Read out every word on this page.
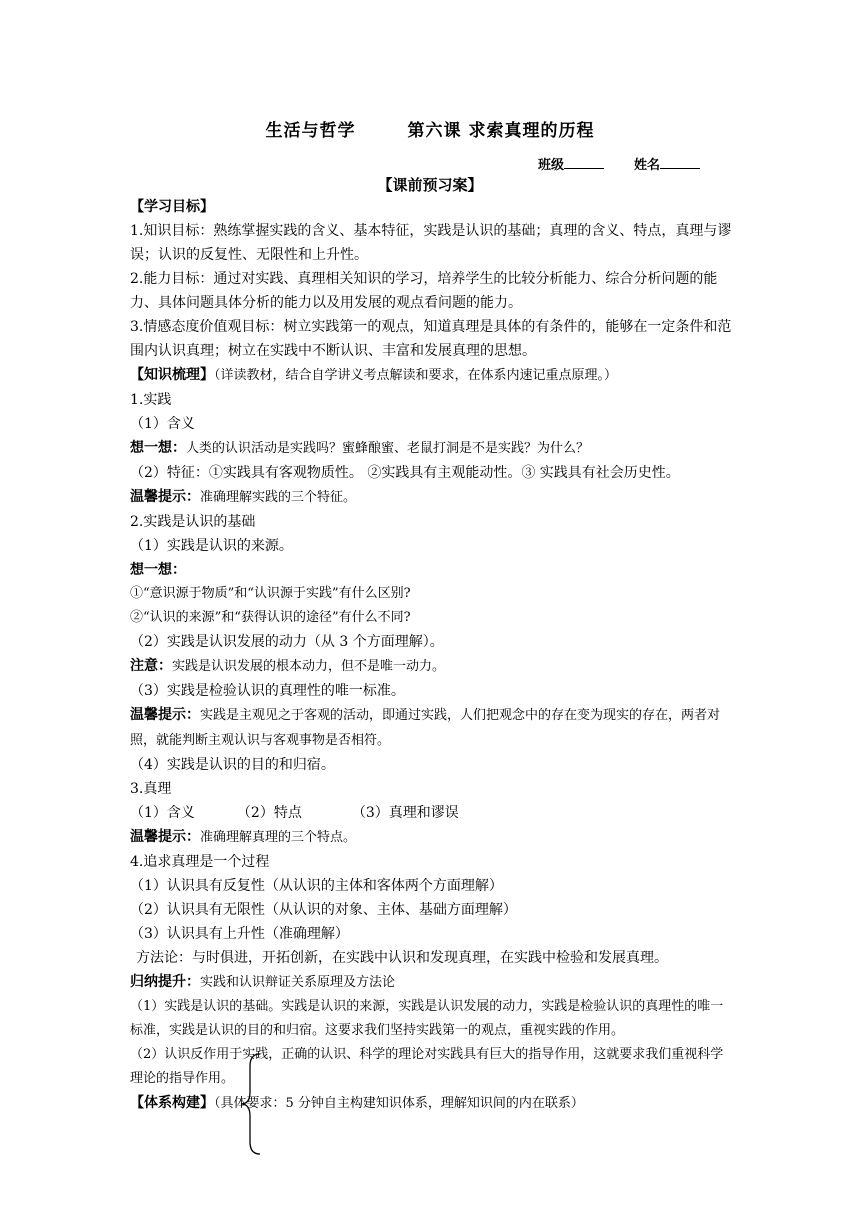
生活与哲学	第六课 求索真理的历程
班级	姓名
【课前预习案】

【学习目标】

1.知识目标：熟练掌握实践的含义、基本特征，实践是认识的基础；真理的含义、特点，真理与谬误；认识的反复性、无限性和上升性。

2.能力目标：通过对实践、真理相关知识的学习，培养学生的比较分析能力、综合分析问题的能力、具体问题具体分析的能力以及用发展的观点看问题的能力。

3.情感态度价值观目标：树立实践第一的观点，知道真理是具体的有条件的，能够在一定条件和范围内认识真理；树立在实践中不断认识、丰富和发展真理的思想。

【知识梳理】（详读教材，结合自学讲义考点解读和要求，在体系内速记重点原理。）

1.实践

（1）含义

想一想：人类的认识活动是实践吗？蜜蜂酿蜜、老鼠打洞是不是实践？为什么？

（2）特征：①实践具有客观物质性。 ②实践具有主观能动性。③ 实践具有社会历史性。

温馨提示：准确理解实践的三个特征。

2.实践是认识的基础

（1）实践是认识的来源。

想一想：

①“意识源于物质”和“认识源于实践”有什么区别?

②“认识的来源”和“获得认识的途径”有什么不同?

（2）实践是认识发展的动力（从 3 个方面理解）。

注意：实践是认识发展的根本动力，但不是唯一动力。

（3）实践是检验认识的真理性的唯一标准。

温馨提示：实践是主观见之于客观的活动，即通过实践，人们把观念中的存在变为现实的存在，两者对照，就能判断主观认识与客观事物是否相符。

（4）实践是认识的目的和归宿。

3.真理

（1）含义	（2）特点	（3）真理和谬误

温馨提示：准确理解真理的三个特点。

4.追求真理是一个过程

（1）认识具有反复性（从认识的主体和客体两个方面理解）

（2）认识具有无限性（从认识的对象、主体、基础方面理解）

（3）认识具有上升性（准确理解）

方法论：与时俱进，开拓创新，在实践中认识和发现真理，在实践中检验和发展真理。

归纳提升：实践和认识辩证关系原理及方法论

（1）实践是认识的基础。实践是认识的来源，实践是认识发展的动力，实践是检验认识的真理性的唯一标准，实践是认识的目的和归宿。这要求我们坚持实践第一的观点，重视实践的作用。

（2）认识反作用于实践，正确的认识、科学的理论对实践具有巨大的指导作用，这就要求我们重视科学理论的指导作用。

【体系构建】（具体要求：5 分钟自主构建知识体系，理解知识间的内在联系）
